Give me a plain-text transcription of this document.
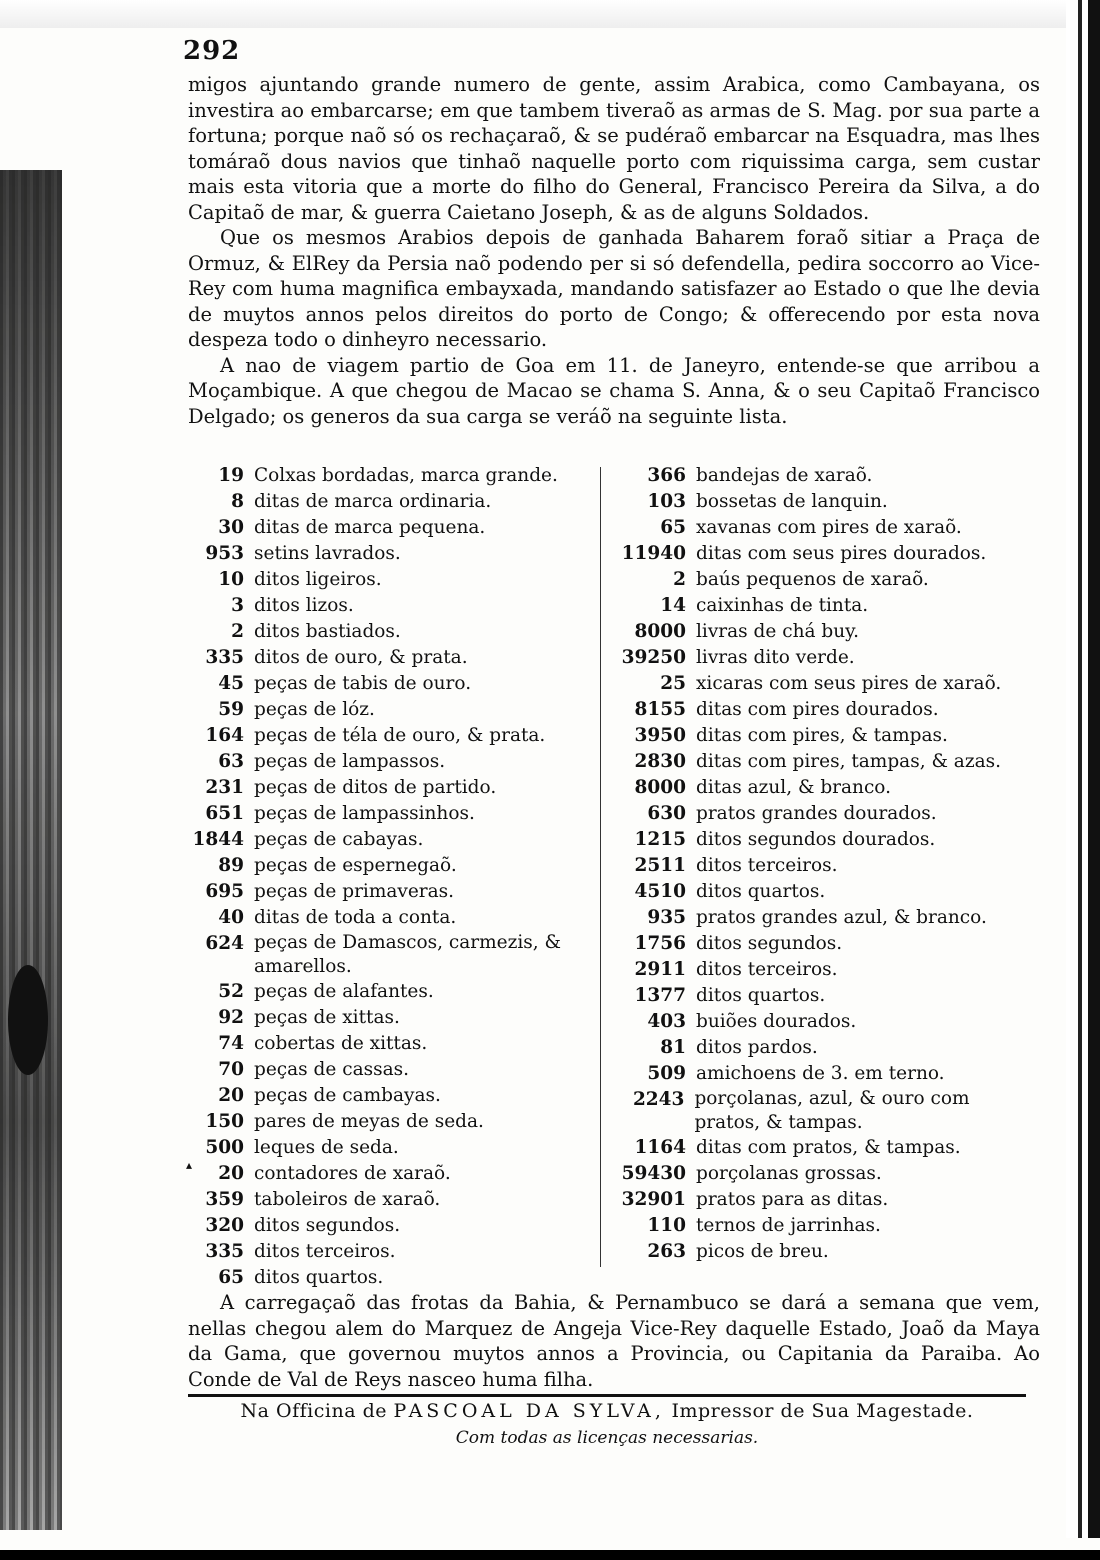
292

migos ajuntando grande numero de gente, assim Arabica, como Cambayana, os investira ao embarcarse; em que tambem tiveraõ as armas de S. Mag. por sua parte a fortuna; porque naõ só os rechaçaraõ, & se pudéraõ embarcar na Esquadra, mas lhes tomáraõ dous navios que tinhaõ naquelle porto com riquissima carga, sem custar mais esta vitoria que a morte do filho do General, Francisco Pereira da Silva, a do Capitaõ de mar, & guerra Caietano Joseph, & as de alguns Soldados.

Que os mesmos Arabios depois de ganhada Baharem foraõ sitiar a Praça de Ormuz, & ElRey da Persia naõ podendo per si só defendella, pedira soccorro ao Vice-Rey com huma magnifica embayxada, mandando satisfazer ao Estado o que lhe devia de muytos annos pelos direitos do porto de Congo; & offerecendo por esta nova despeza todo o dinheyro necessario.

A nao de viagem partio de Goa em 11. de Janeyro, entende-se que arribou a Moçambique. A que chegou de Macao se chama S. Anna, & o seu Capitaõ Francisco Delgado; os generos da sua carga se veráõ na seguinte lista.

19 Colxas bordadas, marca grande.
8 ditas de marca ordinaria.
30 ditas de marca pequena.
953 setins lavrados.
10 ditos ligeiros.
3 ditos lizos.
2 ditos bastiados.
335 ditos de ouro, & prata.
45 peças de tabis de ouro.
59 peças de lóz.
164 peças de téla de ouro, & prata.
63 peças de lampassos.
231 peças de ditos de partido.
651 peças de lampassinhos.
1844 peças de cabayas.
89 peças de espernegaõ.
695 peças de primaveras.
40 ditas de toda a conta.
624 peças de Damascos, carmezis, & amarellos.
52 peças de alafantes.
92 peças de xittas.
74 cobertas de xittas.
70 peças de cassas.
20 peças de cambayas.
150 pares de meyas de seda.
500 leques de seda.
20 contadores de xaraõ.
359 taboleiros de xaraõ.
320 ditos segundos.
335 ditos terceiros.
65 ditos quartos.
366 bandejas de xaraõ.
103 bossetas de lanquin.
65 xavanas com pires de xaraõ.
11940 ditas com seus pires dourados.
2 baús pequenos de xaraõ.
14 caixinhas de tinta.
8000 livras de chá buy.
39250 livras dito verde.
25 xicaras com seus pires de xaraõ.
8155 ditas com pires dourados.
3950 ditas com pires, & tampas.
2830 ditas com pires, tampas, & azas.
8000 ditas azul, & branco.
630 pratos grandes dourados.
1215 ditos segundos dourados.
2511 ditos terceiros.
4510 ditos quartos.
935 pratos grandes azul, & branco.
1756 ditos segundos.
2911 ditos terceiros.
1377 ditos quartos.
403 buiões dourados.
81 ditos pardos.
509 amichoens de 3. em terno.
2243 porçolanas, azul, & ouro com pratos, & tampas.
1164 ditas com pratos, & tampas.
59430 porçolanas grossas.
32901 pratos para as ditas.
110 ternos de jarrinhas.
263 picos de breu.
▴

A carregaçaõ das frotas da Bahia, & Pernambuco se dará a semana que vem, nellas chegou alem do Marquez de Angeja Vice-Rey daquelle Estado, Joaõ da Maya da Gama, que governou muytos annos a Provincia, ou Capitania da Paraiba. Ao Conde de Val de Reys nasceo huma filha.

Na Officina de PASCOAL DA SYLVA, Impressor de Sua Magestade.
Com todas as licenças necessarias.
